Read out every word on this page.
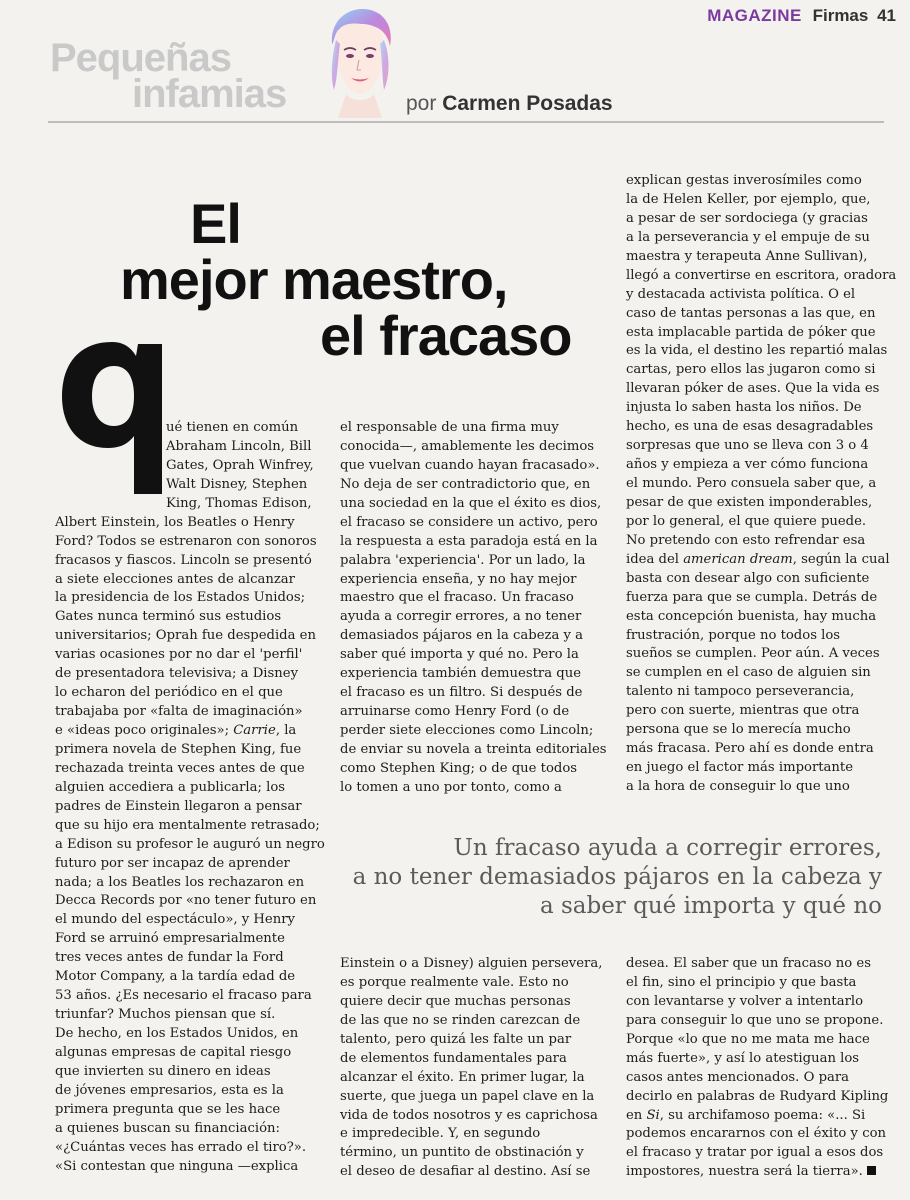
MAGAZINE Firmas 41
Pequeñas
infamias	por Carmen Posadas
El
mejor maestro,
el fracaso
ué tienen en común
Abraham Lincoln, Bill
Gates, Oprah Winfrey,
Walt Disney, Stephen
King, Thomas Edison,
Albert Einstein, los Beatles o Henry
Ford? Todos se estrenaron con sonoros
fracasos y fiascos. Lincoln se presentó
a siete elecciones antes de alcanzar
la presidencia de los Estados Unidos;
Gates nunca terminó sus estudios
universitarios; Oprah fue despedida en
varias ocasiones por no dar el 'perfil'
de presentadora televisiva; a Disney
lo echaron del periódico en el que
trabajaba por «falta de imaginación»
e «ideas poco originales»; Carrie, la
primera novela de Stephen King, fue
rechazada treinta veces antes de que
alguien accediera a publicarla; los
padres de Einstein llegaron a pensar
que su hijo era mentalmente retrasado;
a Edison su profesor le auguró un negro
futuro por ser incapaz de aprender
nada; a los Beatles los rechazaron en
Decca Records por «no tener futuro en
el mundo del espectáculo», y Henry
Ford se arruinó empresarialmente
tres veces antes de fundar la Ford
Motor Company, a la tardía edad de
53 años. ¿Es necesario el fracaso para
triunfar? Muchos piensan que sí.
De hecho, en los Estados Unidos, en
algunas empresas de capital riesgo
que invierten su dinero en ideas
de jóvenes empresarios, esta es la
primera pregunta que se les hace
a quienes buscan su financiación:
«¿Cuántas veces has errado el tiro?».
«Si contestan que ninguna —explica
el responsable de una firma muy
conocida—, amablemente les decimos
que vuelvan cuando hayan fracasado».
No deja de ser contradictorio que, en
una sociedad en la que el éxito es dios,
el fracaso se considere un activo, pero
la respuesta a esta paradoja está en la
palabra 'experiencia'. Por un lado, la
experiencia enseña, y no hay mejor
maestro que el fracaso. Un fracaso
ayuda a corregir errores, a no tener
demasiados pájaros en la cabeza y a
saber qué importa y qué no. Pero la
experiencia también demuestra que
el fracaso es un filtro. Si después de
arruinarse como Henry Ford (o de
perder siete elecciones como Lincoln;
de enviar su novela a treinta editoriales
como Stephen King; o de que todos
lo tomen a uno por tonto, como a
explican gestas inverosímiles como
la de Helen Keller, por ejemplo, que,
a pesar de ser sordociega (y gracias
a la perseverancia y el empuje de su
maestra y terapeuta Anne Sullivan),
llegó a convertirse en escritora, oradora
y destacada activista política. O el
caso de tantas personas a las que, en
esta implacable partida de póker que
es la vida, el destino les repartió malas
cartas, pero ellos las jugaron como si
llevaran póker de ases. Que la vida es
injusta lo saben hasta los niños. De
hecho, es una de esas desagradables
sorpresas que uno se lleva con 3 o 4
años y empieza a ver cómo funciona
el mundo. Pero consuela saber que, a
pesar de que existen imponderables,
por lo general, el que quiere puede.
No pretendo con esto refrendar esa
idea del american dream, según la cual
basta con desear algo con suficiente
fuerza para que se cumpla. Detrás de
esta concepción buenista, hay mucha
frustración, porque no todos los
sueños se cumplen. Peor aún. A veces
se cumplen en el caso de alguien sin
talento ni tampoco perseverancia,
pero con suerte, mientras que otra
persona que se lo merecía mucho
más fracasa. Pero ahí es donde entra
en juego el factor más importante
a la hora de conseguir lo que uno
Un fracaso ayuda a corregir errores,
a no tener demasiados pájaros en la cabeza y
a saber qué importa y qué no
Einstein o a Disney) alguien persevera,
es porque realmente vale. Esto no
quiere decir que muchas personas
de las que no se rinden carezcan de
talento, pero quizá les falte un par
de elementos fundamentales para
alcanzar el éxito. En primer lugar, la
suerte, que juega un papel clave en la
vida de todos nosotros y es caprichosa
e impredecible. Y, en segundo
término, un puntito de obstinación y
el deseo de desafiar al destino. Así se
desea. El saber que un fracaso no es
el fin, sino el principio y que basta
con levantarse y volver a intentarlo
para conseguir lo que uno se propone.
Porque «lo que no me mata me hace
más fuerte», y así lo atestiguan los
casos antes mencionados. O para
decirlo en palabras de Rudyard Kipling
en Si, su archifamoso poema: «... Si
podemos encararnos con el éxito y con
el fracaso y tratar por igual a esos dos
impostores, nuestra será la tierra».
